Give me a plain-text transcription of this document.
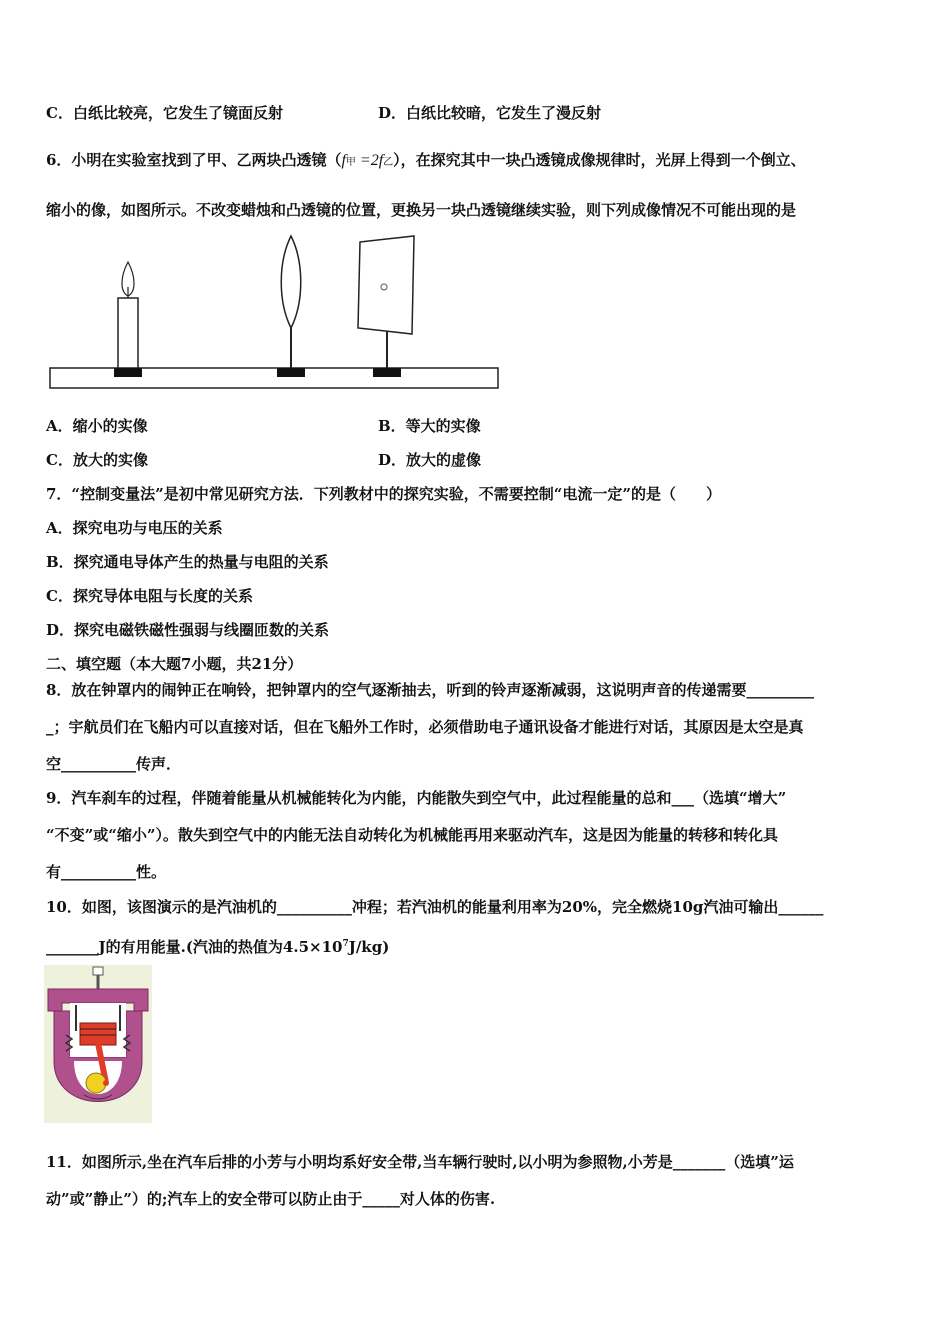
C．白纸比较亮，它发生了镜面反射	D．白纸比较暗，它发生了漫反射
6．小明在实验室找到了甲、乙两块凸透镜（f甲 =2f乙），在探究其中一块凸透镜成像规律时，光屏上得到一个倒立、
缩小的像，如图所示。不改变蜡烛和凸透镜的位置，更换另一块凸透镜继续实验，则下列成像情况不可能出现的是
A．缩小的实像	B．等大的实像
C．放大的实像	D．放大的虚像
7．“控制变量法”是初中常见研究方法．下列教材中的探究实验，不需要控制“电流一定”的是（　　）
A．探究电功与电压的关系
B．探究通电导体产生的热量与电阻的关系
C．探究导体电阻与长度的关系
D．探究电磁铁磁性强弱与线圈匝数的关系
二、填空题（本大题7小题，共21分）
8．放在钟罩内的闹钟正在响铃，把钟罩内的空气逐渐抽去，听到的铃声逐渐减弱，这说明声音的传递需要_________
_；宇航员们在飞船内可以直接对话，但在飞船外工作时，必须借助电子通讯设备才能进行对话，其原因是太空是真
空__________传声．
9．汽车刹车的过程，伴随着能量从机械能转化为内能，内能散失到空气中，此过程能量的总和___（选填“增大”
“不变”或“缩小”）。散失到空气中的内能无法自动转化为机械能再用来驱动汽车，这是因为能量的转移和转化具
有__________性。
10．如图，该图演示的是汽油机的__________冲程；若汽油机的能量利用率为20%，完全燃烧10g汽油可输出______
_______J的有用能量.(汽油的热值为$4.5\times 10^7J/kg$)
11．如图所示,坐在汽车后排的小芳与小明均系好安全带,当车辆行驶时,以小明为参照物,小芳是_______（选填”运
动”或”静止”）的;汽车上的安全带可以防止由于_____对人体的伤害.
